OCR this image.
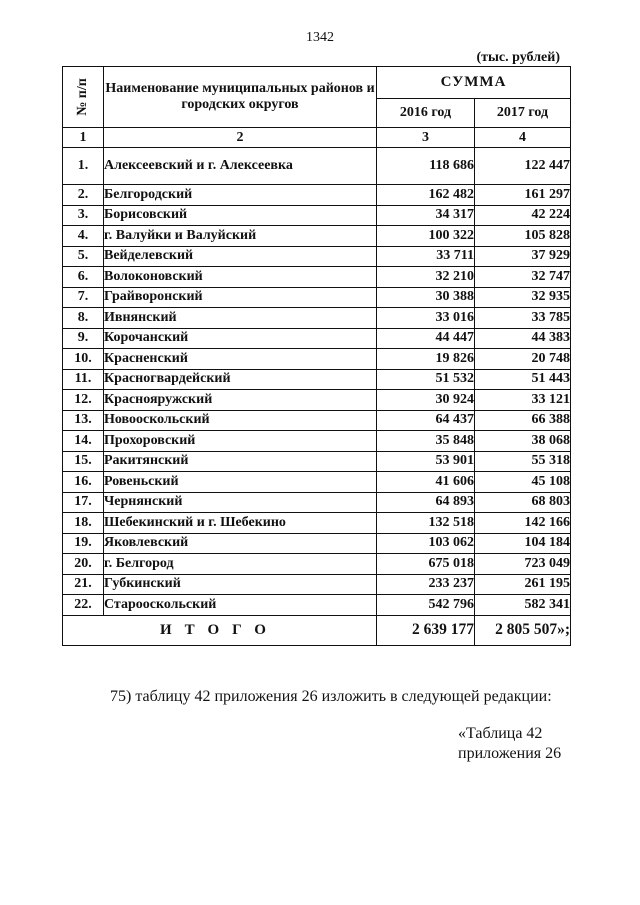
1342
(тыс. рублей)
№ п/п	Наименование муниципальных районов и городских округов	СУММА	
		2016 год	2017 год
1	2	3	4
1.	Алексеевский и г. Алексеевка	118 686	122 447
2.	Белгородский	162 482	161 297
3.	Борисовский	34 317	42 224
4.	г. Валуйки и Валуйский	100 322	105 828
5.	Вейделевский	33 711	37 929
6.	Волоконовский	32 210	32 747
7.	Грайворонский	30 388	32 935
8.	Ивнянский	33 016	33 785
9.	Корочанский	44 447	44 383
10.	Красненский	19 826	20 748
11.	Красногвардейский	51 532	51 443
12.	Краснояружский	30 924	33 121
13.	Новооскольский	64 437	66 388
14.	Прохоровский	35 848	38 068
15.	Ракитянский	53 901	55 318
16.	Ровеньский	41 606	45 108
17.	Чернянский	64 893	68 803
18.	Шебекинский и г. Шебекино	132 518	142 166
19.	Яковлевский	103 062	104 184
20.	г. Белгород	675 018	723 049
21.	Губкинский	233 237	261 195
22.	Старооскольский	542 796	582 341
ИТОГО		2 639 177	2 805 507»;
75) таблицу 42 приложения 26 изложить в следующей редакции:
«Таблица 42
приложения 26
